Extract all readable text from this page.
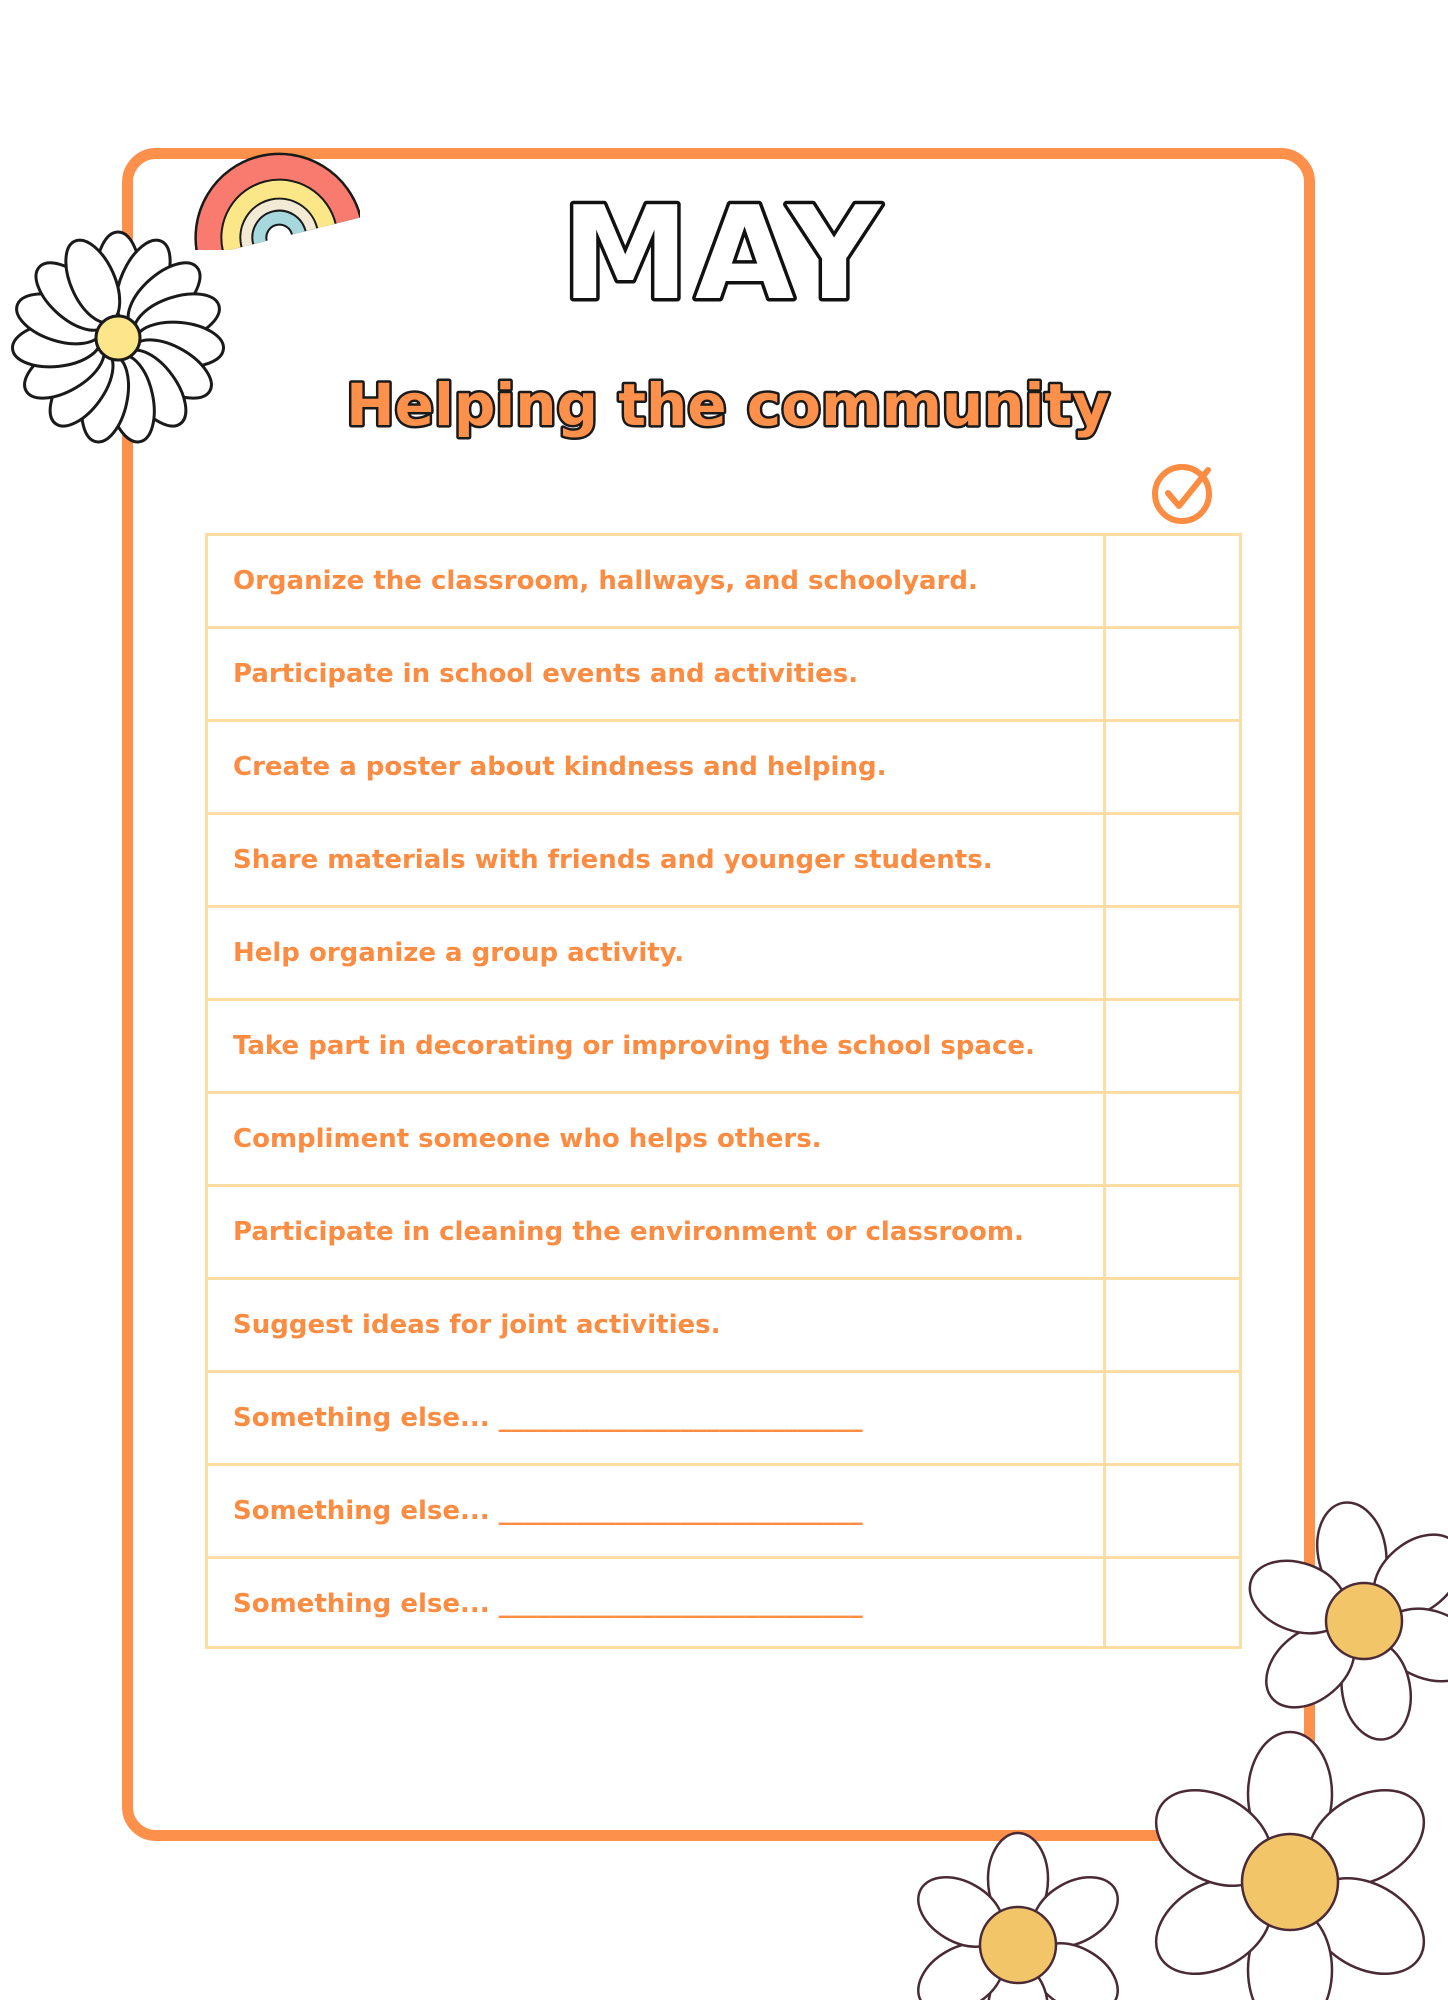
MAY
Helping the community
Organize the classroom, hallways, and schoolyard.
Participate in school events and activities.
Create a poster about kindness and helping.
Share materials with friends and younger students.
Help organize a group activity.
Take part in decorating or improving the school space.
Compliment someone who helps others.
Participate in cleaning the environment or classroom.
Suggest ideas for joint activities.
Something else... ____________________________
Something else... ____________________________
Something else... ____________________________
